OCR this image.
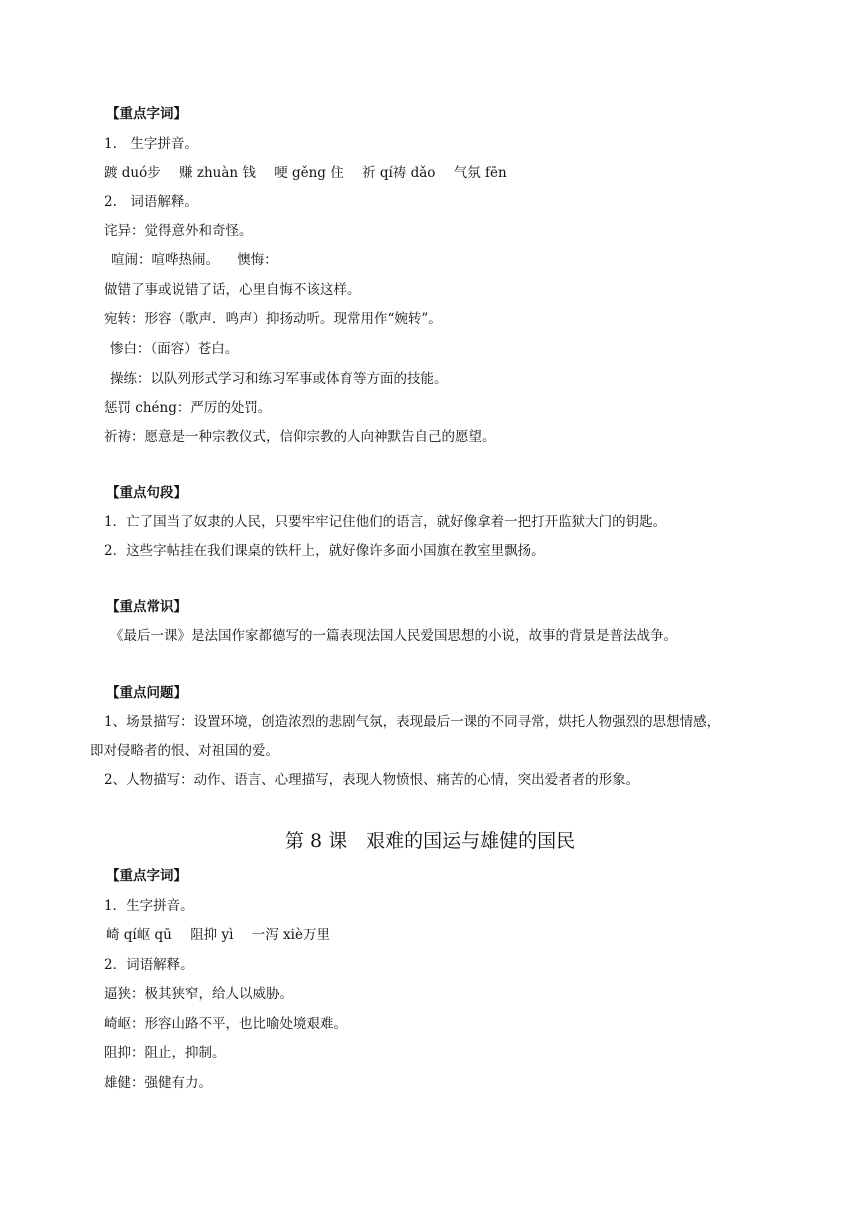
【重点字词】
1.　生字拼音。
踱 duó步 赚 zhuàn 钱 哽 gěng 住 祈 qí祷 dǎo 气氛 fēn
2.　词语解释。
诧异：觉得意外和奇怪。
喧闹：喧哗热闹。 懊悔：
做错了事或说错了话，心里自悔不该这样。
宛转：形容（歌声．鸣声）抑扬动听。现常用作“婉转”。
惨白：（面容）苍白。
操练：以队列形式学习和练习军事或体育等方面的技能。
惩罚 chéng：严厉的处罚。
祈祷：愿意是一种宗教仪式，信仰宗教的人向神默告自己的愿望。
【重点句段】
1．亡了国当了奴隶的人民，只要牢牢记住他们的语言，就好像拿着一把打开监狱大门的钥匙。
2．这些字帖挂在我们课桌的铁杆上，就好像许多面小国旗在教室里飘扬。
【重点常识】
《最后一课》是法国作家都德写的一篇表现法国人民爱国思想的小说，故事的背景是普法战争。
【重点问题】
1、场景描写：设置环境，创造浓烈的悲剧气氛，表现最后一课的不同寻常，烘托人物强烈的思想情感，
即对侵略者的恨、对祖国的爱。
2、人物描写：动作、语言、心理描写，表现人物愤恨、痛苦的心情，突出爱者者的形象。
第 8 课　艰难的国运与雄健的国民
【重点字词】
1．生字拼音。
崎 qí岖 qū 阻抑 yì 一泻 xiè万里
2．词语解释。
逼狭：极其狭窄，给人以威胁。
崎岖：形容山路不平，也比喻处境艰难。
阻抑：阻止，抑制。
雄健：强健有力。
